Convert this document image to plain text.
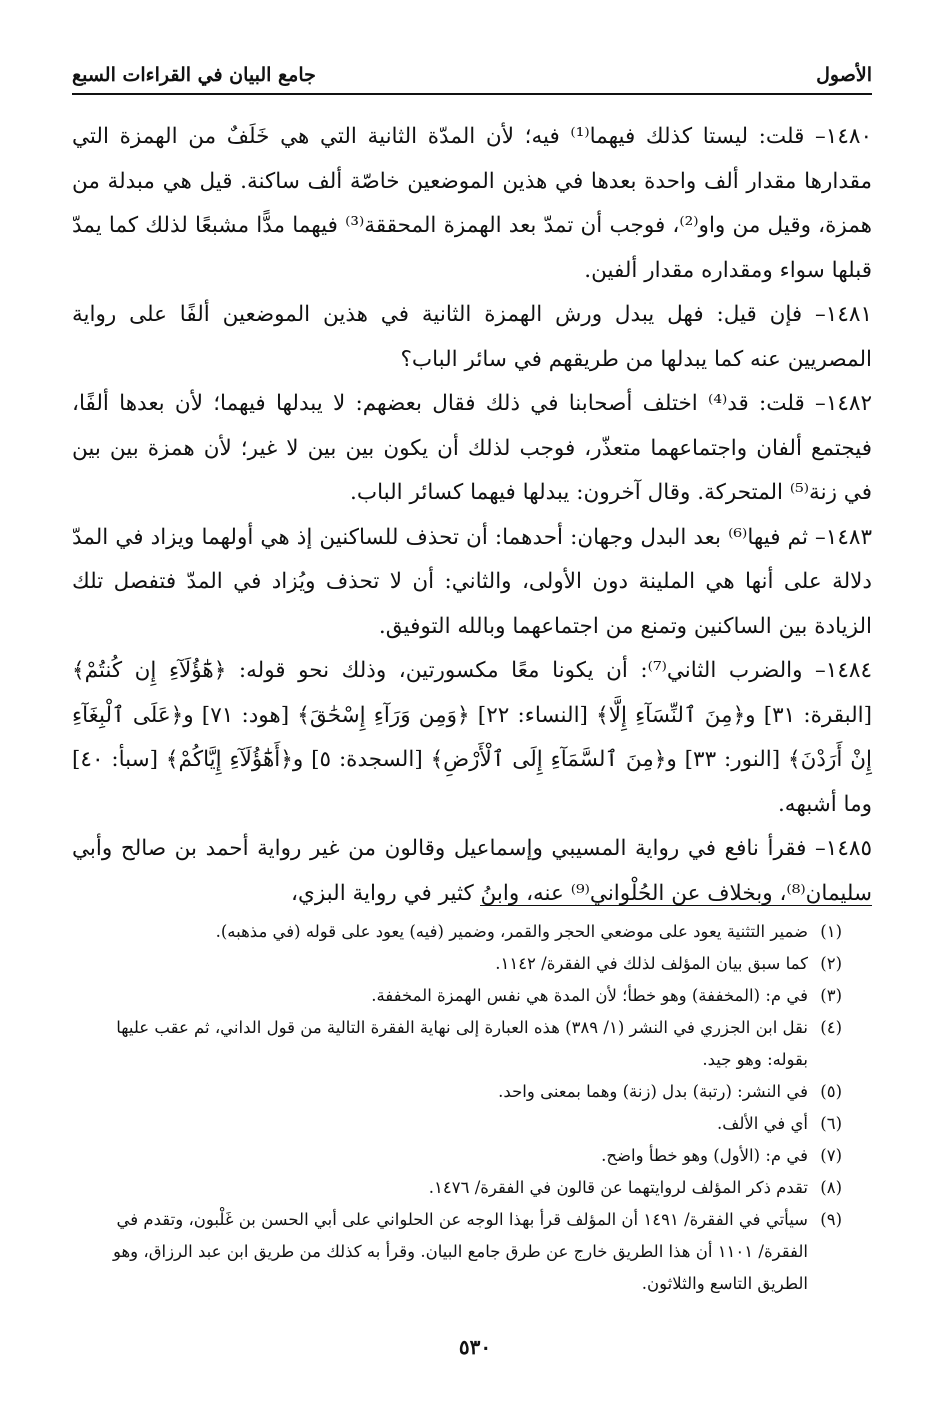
الأصول
جامع البيان في القراءات السبع

١٤٨٠– قلت: ليستا كذلك فيهما⁽¹⁾ فيه؛ لأن المدّة الثانية التي هي خَلَفٌ من الهمزة التي مقدارها مقدار ألف واحدة بعدها في هذين الموضعين خاصّة ألف ساكنة. قيل هي مبدلة من همزة، وقيل من واو⁽²⁾، فوجب أن تمدّ بعد الهمزة المحققة⁽³⁾ فيهما مدًّا مشبعًا لذلك كما يمدّ قبلها سواء ومقداره مقدار ألفين.

١٤٨١– فإن قيل: فهل يبدل ورش الهمزة الثانية في هذين الموضعين ألفًا على رواية المصريين عنه كما يبدلها من طريقهم في سائر الباب؟

١٤٨٢– قلت: قد⁽⁴⁾ اختلف أصحابنا في ذلك فقال بعضهم: لا يبدلها فيهما؛ لأن بعدها ألفًا، فيجتمع ألفان واجتماعهما متعذّر، فوجب لذلك أن يكون بين بين لا غير؛ لأن همزة بين بين في زنة⁽⁵⁾ المتحركة. وقال آخرون: يبدلها فيهما كسائر الباب.

١٤٨٣– ثم فيها⁽⁶⁾ بعد البدل وجهان: أحدهما: أن تحذف للساكنين إذ هي أولهما ويزاد في المدّ دلالة على أنها هي الملينة دون الأولى، والثاني: أن لا تحذف ويُزاد في المدّ فتفصل تلك الزيادة بين الساكنين وتمنع من اجتماعهما وبالله التوفيق.

١٤٨٤– والضرب الثاني⁽⁷⁾: أن يكونا معًا مكسورتين، وذلك نحو قوله: ﴿هَٰٓؤُلَآءِ إِن كُنتُمْ﴾ [البقرة: ٣١] و﴿مِنَ ٱلنِّسَآءِ إِلَّا﴾ [النساء: ٢٢] ﴿وَمِن وَرَآءِ إِسْحَٰقَ﴾ [هود: ٧١] و﴿عَلَى ٱلْبِغَآءِ إِنْ أَرَدْنَ﴾ [النور: ٣٣] و﴿مِنَ ٱلسَّمَآءِ إِلَى ٱلْأَرْضِ﴾ [السجدة: ٥] و﴿أَهَٰٓؤُلَآءِ إِيَّاكُمْ﴾ [سبأ: ٤٠] وما أشبهه.

١٤٨٥– فقرأ نافع في رواية المسيبي وإسماعيل وقالون من غير رواية أحمد بن صالح وأبي سليمان⁽⁸⁾، وبخلاف عن الحُلْواني⁽⁹⁾ عنه، وابنُ كثير في رواية البزي،

(١)
ضمير التثنية يعود على موضعي الحجر والقمر، وضمير (فيه) يعود على قوله (في مذهبه).

(٢)
كما سبق بيان المؤلف لذلك في الفقرة/ ١١٤٢.

(٣)
في م: (المخففة) وهو خطأ؛ لأن المدة هي نفس الهمزة المخففة.

(٤)
نقل ابن الجزري في النشر (١/ ٣٨٩) هذه العبارة إلى نهاية الفقرة التالية من قول الداني، ثم عقب عليها بقوله: وهو جيد.

(٥)
في النشر: (رتبة) بدل (زنة) وهما بمعنى واحد.

(٦)
أي في الألف.

(٧)
في م: (الأول) وهو خطأ واضح.

(٨)
تقدم ذكر المؤلف لروايتهما عن قالون في الفقرة/ ١٤٧٦.

(٩)
سيأتي في الفقرة/ ١٤٩١ أن المؤلف قرأ بهذا الوجه عن الحلواني على أبي الحسن بن غَلْبون، وتقدم في الفقرة/ ١١٠١ أن هذا الطريق خارج عن طرق جامع البيان. وقرأ به كذلك من طريق ابن عبد الرزاق، وهو الطريق التاسع والثلاثون.

٥٣٠
